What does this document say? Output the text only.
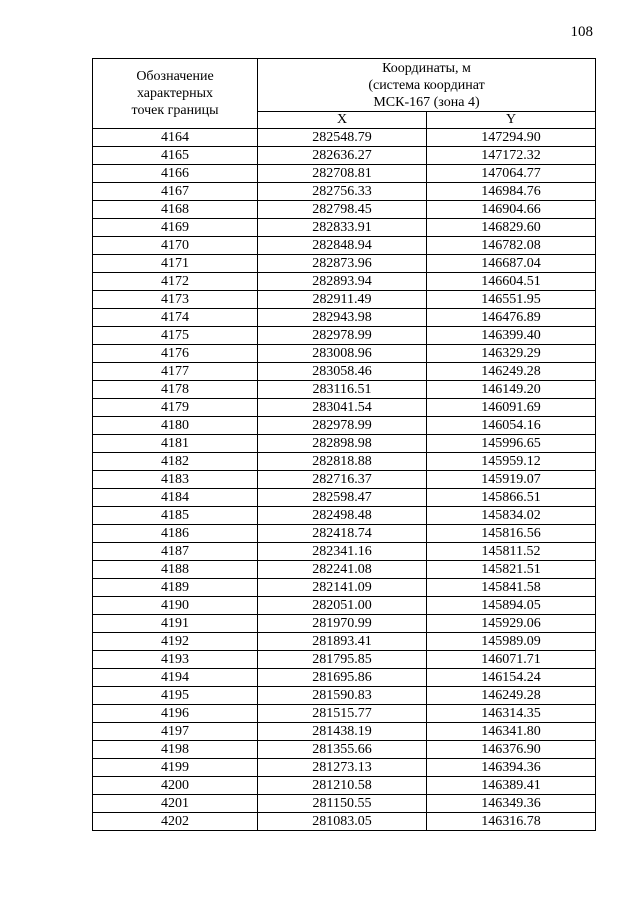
108
Обозначение
характерных
точек границы	Координаты, м
(система координат
МСК-167 (зона 4)	

	X	Y
4164	282548.79	147294.90
4165	282636.27	147172.32
4166	282708.81	147064.77
4167	282756.33	146984.76
4168	282798.45	146904.66
4169	282833.91	146829.60
4170	282848.94	146782.08
4171	282873.96	146687.04
4172	282893.94	146604.51
4173	282911.49	146551.95
4174	282943.98	146476.89
4175	282978.99	146399.40
4176	283008.96	146329.29
4177	283058.46	146249.28
4178	283116.51	146149.20
4179	283041.54	146091.69
4180	282978.99	146054.16
4181	282898.98	145996.65
4182	282818.88	145959.12
4183	282716.37	145919.07
4184	282598.47	145866.51
4185	282498.48	145834.02
4186	282418.74	145816.56
4187	282341.16	145811.52
4188	282241.08	145821.51
4189	282141.09	145841.58
4190	282051.00	145894.05
4191	281970.99	145929.06
4192	281893.41	145989.09
4193	281795.85	146071.71
4194	281695.86	146154.24
4195	281590.83	146249.28
4196	281515.77	146314.35
4197	281438.19	146341.80
4198	281355.66	146376.90
4199	281273.13	146394.36
4200	281210.58	146389.41
4201	281150.55	146349.36
4202	281083.05	146316.78
